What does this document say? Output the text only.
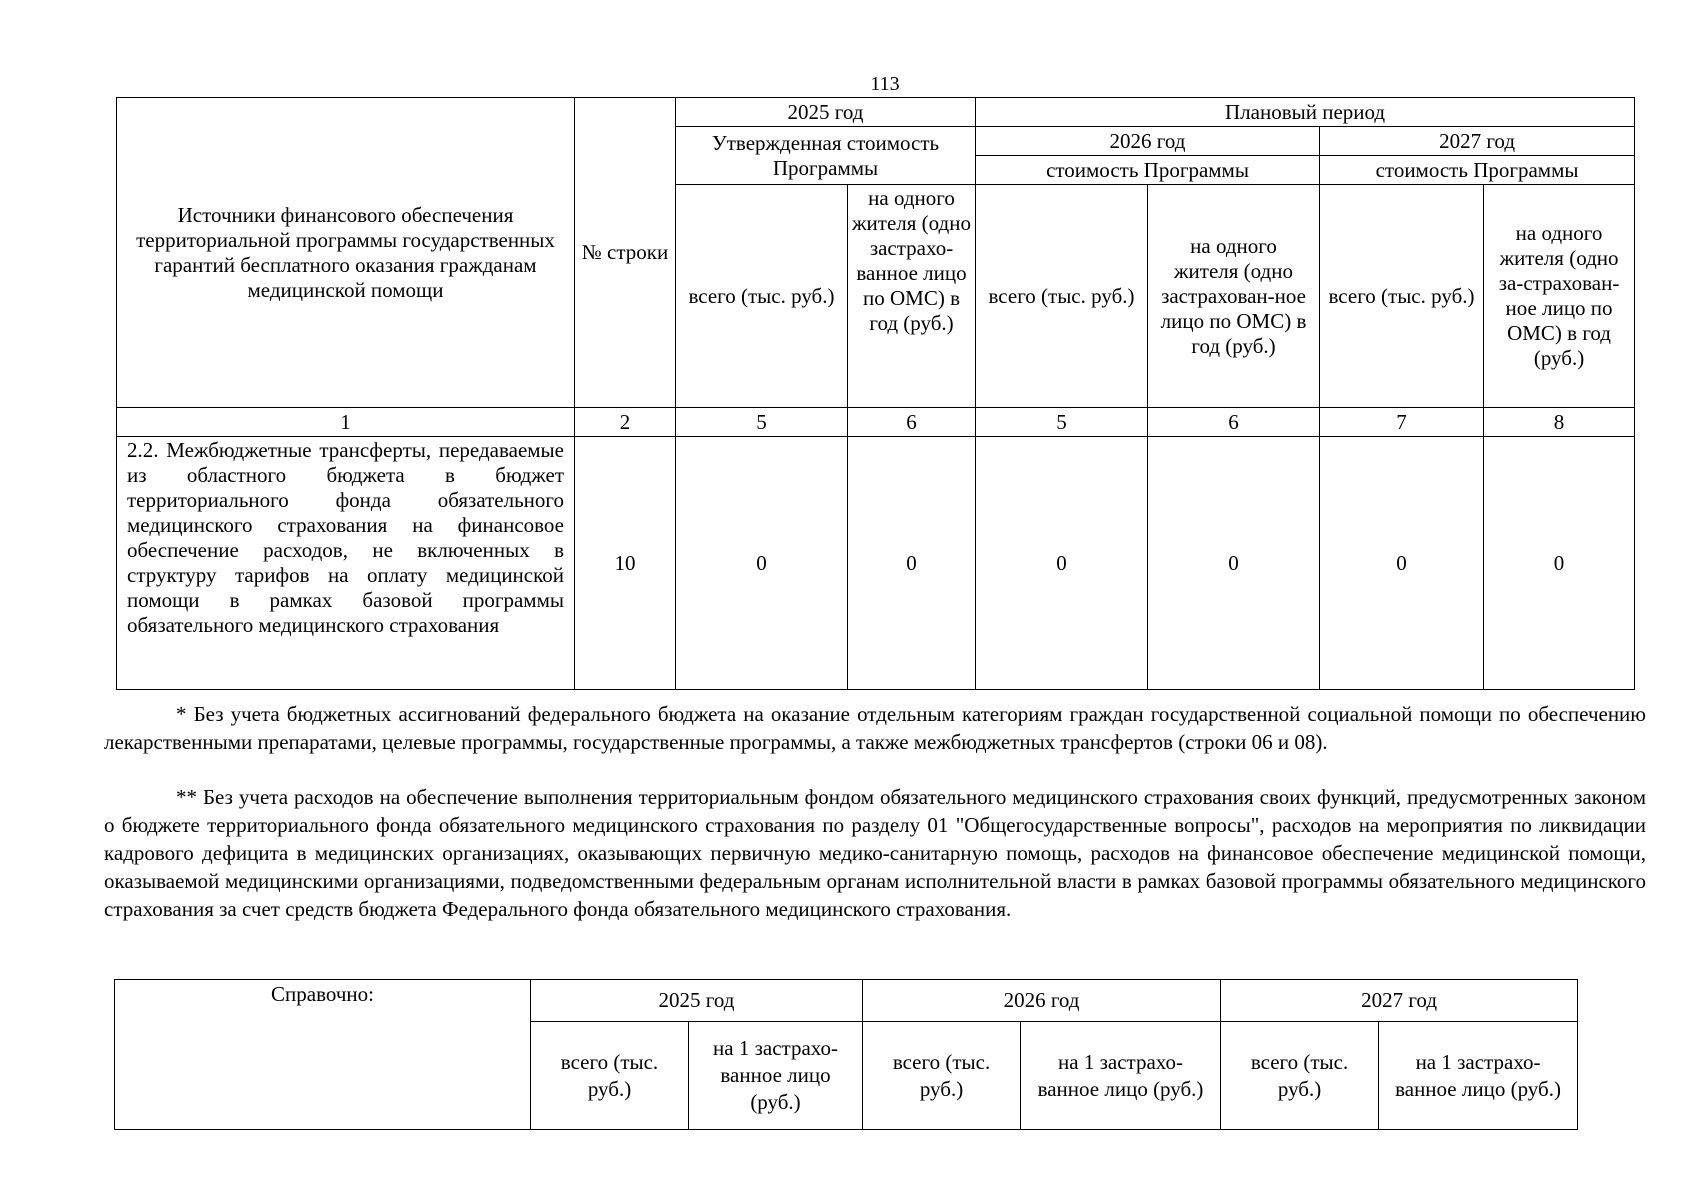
113
Источники финансового обеспечения территориальной программы государственных гарантий бесплатного оказания гражданам медицинской помощи	№ строки	2025 год		Плановый период			
		Утвержденная стоимость Программы		2026 год		2027 год	
				стоимость Программы		стоимость Программы	
		всего (тыс. руб.)	на одного жителя (одно застрахо-ванное лицо по ОМС) в год (руб.)	всего (тыс. руб.)	на одного жителя (одно застрахован-ное лицо по ОМС) в год (руб.)	всего (тыс. руб.)	на одного жителя (одно за-страхован-ное лицо по ОМС) в год (руб.)
1	2	5	6	5	6	7	8
2.2. Межбюджетные трансферты, передаваемые из областного бюджета в бюджет территориального фонда обязательного медицинского страхования на финансовое обеспечение расходов, не включенных в структуру тарифов на оплату медицинской помощи в рамках базовой программы обязательного медицинского страхования	10	0	0	0	0	0	0

* Без учета бюджетных ассигнований федерального бюджета на оказание отдельным категориям граждан государственной социальной помощи по обеспечению лекарственными препаратами, целевые программы, государственные программы, а также межбюджетных трансфертов (строки 06 и 08).

** Без учета расходов на обеспечение выполнения территориальным фондом обязательного медицинского страхования своих функций, предусмотренных законом о бюджете территориального фонда обязательного медицинского страхования по разделу 01 "Общегосударственные вопросы", расходов на мероприятия по ликвидации кадрового дефицита в медицинских организациях, оказывающих первичную медико-санитарную помощь, расходов на финансовое обеспечение медицинской помощи, оказываемой медицинскими организациями, подведомственными федеральным органам исполнительной власти в рамках базовой программы обязательного медицинского страхования за счет средств бюджета Федерального фонда обязательного медицинского страхования.

Справочно:	2025 год		2026 год		2027 год	
	всего (тыс. руб.)	на 1 застрахо-ванное лицо (руб.)	всего (тыс. руб.)	на 1 застрахо-ванное лицо (руб.)	всего (тыс. руб.)	на 1 застрахо-ванное лицо (руб.)
